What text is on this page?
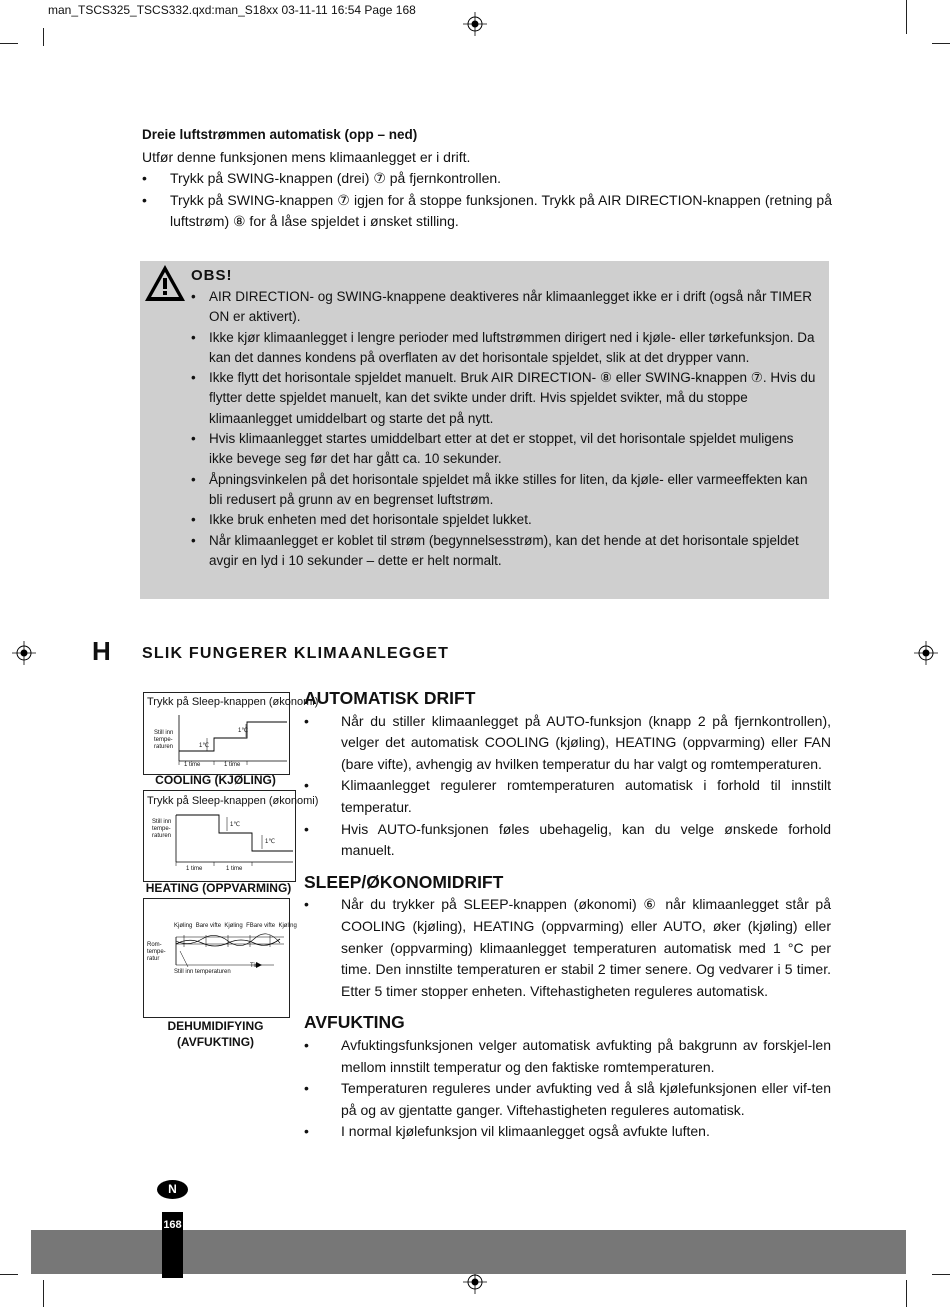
man_TSCS325_TSCS332.qxd:man_S18xx 03-11-11 16:54 Page 168
Dreie luftstrømmen automatisk (opp – ned)
Utfør denne funksjonen mens klimaanlegget er i drift.
• Trykk på SWING-knappen (drei) ⑦ på fjernkontrollen.
• Trykk på SWING-knappen ⑦ igjen for å stoppe funksjonen. Trykk på AIR DIRECTION-knappen (retning på luftstrøm) ⑧ for å låse spjeldet i ønsket stilling.
OBS!
• AIR DIRECTION- og SWING-knappene deaktiveres når klimaanlegget ikke er i drift (også når TIMER ON er aktivert).
• Ikke kjør klimaanlegget i lengre perioder med luftstrømmen dirigert ned i kjøle- eller tørkefunksjon. Da kan det dannes kondens på overflaten av det horisontale spjeldet, slik at det drypper vann.
• Ikke flytt det horisontale spjeldet manuelt. Bruk AIR DIRECTION- ⑧ eller SWING-knappen ⑦. Hvis du flytter dette spjeldet manuelt, kan det svikte under drift. Hvis spjeldet svikter, må du stoppe klimaanlegget umiddelbart og starte det på nytt.
• Hvis klimaanlegget startes umiddelbart etter at det er stoppet, vil det horisontale spjeldet muligens ikke bevege seg før det har gått ca. 10 sekunder.
• Åpningsvinkelen på det horisontale spjeldet må ikke stilles for liten, da kjøle- eller varmeeffekten kan bli redusert på grunn av en begrenset luftstrøm.
• Ikke bruk enheten med det horisontale spjeldet lukket.
• Når klimaanlegget er koblet til strøm (begynnelsesstrøm), kan det hende at det horisontale spjeldet avgir en lyd i 10 sekunder – dette er helt normalt.
H SLIK FUNGERER KLIMAANLEGGET
Trykk på Sleep-knappen (økonomi)
Still inn
tempe-
raturen	1℃
1℃
1 time	1 time
COOLING (KJØLING)
Trykk på Sleep-knappen (økonomi)
Still inn
tempe-
raturen
1℃
1℃
1 time	1 time
HEATING (OPPVARMING)
Kjøling Bare vifte Kjøling FBare vifte Kjøling
Rom-
tempe-
ratur
Still inn temperaturen
Tid
DEHUMIDIFYING
(AVFUKTING)
AUTOMATISK DRIFT
• Når du stiller klimaanlegget på AUTO-funksjon (knapp 2 på fjernkontrollen), velger det automatisk COOLING (kjøling), HEATING (oppvarming) eller FAN (bare vifte), avhengig av hvilken temperatur du har valgt og romtemperaturen.
• Klimaanlegget regulerer romtemperaturen automatisk i forhold til innstilt temperatur.
• Hvis AUTO-funksjonen føles ubehagelig, kan du velge ønskede forhold manuelt.
SLEEP/ØKONOMIDRIFT
• Når du trykker på SLEEP-knappen (økonomi) ⑥ når klimaanlegget står på COOLING (kjøling), HEATING (oppvarming) eller AUTO, øker (kjøling) eller senker (oppvarming) klimaanlegget temperaturen automatisk med 1 °C per time. Den innstilte temperaturen er stabil 2 timer senere. Og vedvarer i 5 timer. Etter 5 timer stopper enheten. Viftehastigheten reguleres automatisk.
AVFUKTING
• Avfuktingsfunksjonen velger automatisk avfukting på bakgrunn av forskjel-len mellom innstilt temperatur og den faktiske romtemperaturen.
• Temperaturen reguleres under avfukting ved å slå kjølefunksjonen eller vif-ten på og av gjentatte ganger. Viftehastigheten reguleres automatisk.
• I normal kjølefunksjon vil klimaanlegget også avfukte luften.
N
168
